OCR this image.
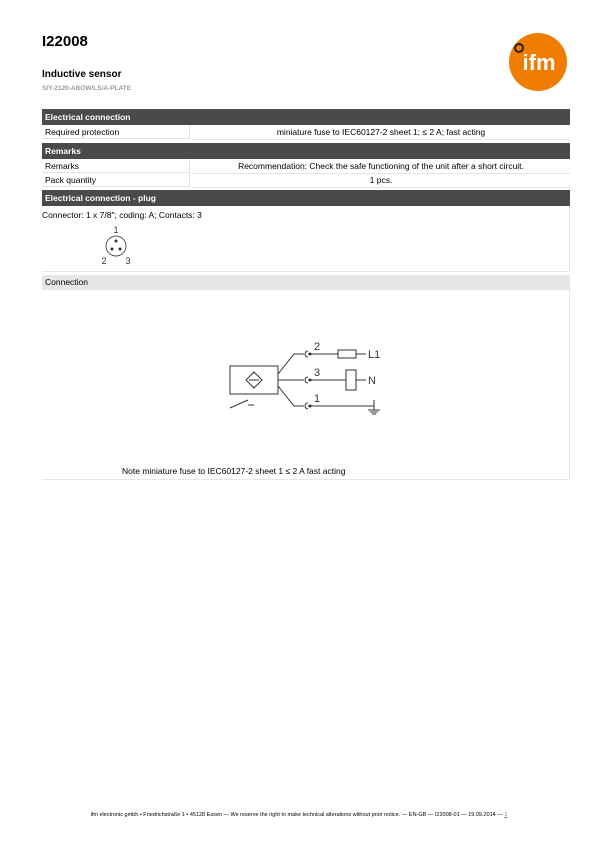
I22008
Inductive sensor
SIY-2120-ABOW/LS/A-PLATE
ifm
Electrical connection
Required protection	miniature fuse to IEC60127-2 sheet 1; ≤ 2 A; fast acting
Remarks
Remarks	Recommendation: Check the safe functioning of the unit after a short circuit.
Pack quantity	1 pcs.
Electrical connection - plug
Connector: 1 x 7/8"; coding: A; Contacts: 3
1
2 3
Connection
2
3
1
L1
N
Note miniature fuse to IEC60127-2 sheet 1 ≤ 2 A fast acting
ifm electronic gmbh • Friedrichstraße 1 • 45128 Essen — We reserve the right to make technical alterations without prior notice. — EN-GB — I22008-01 — 19.09.2014 — 1
